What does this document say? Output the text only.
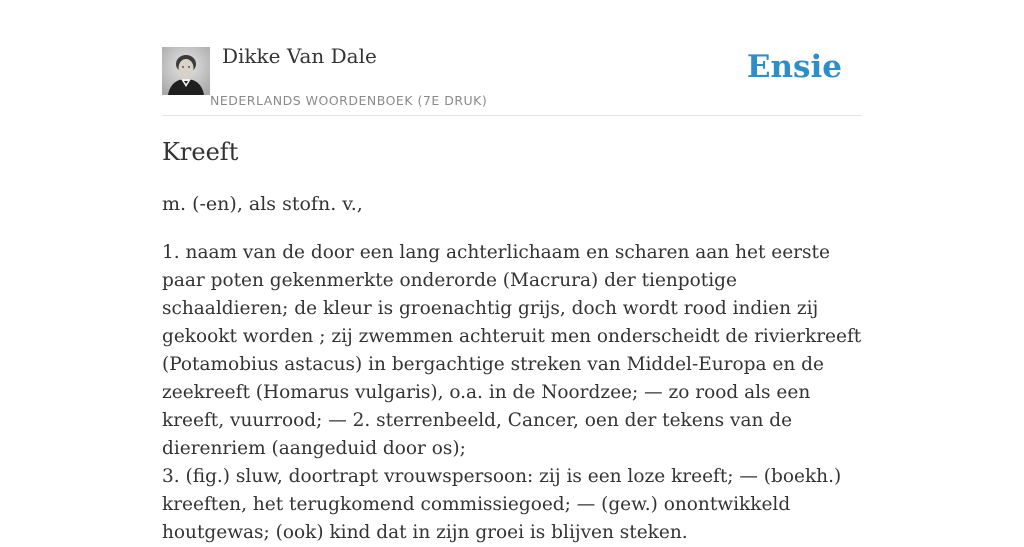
Dikke Van Dale
NEDERLANDS WOORDENBOEK (7E DRUK)
Ensie
Kreeft
m. (-en), als stofn. v.,

1. naam van de door een lang achterlichaam en scharen aan het eerste paar poten gekenmerkte onderorde (Macrura) der tienpotige schaaldieren; de kleur is groenachtig grijs, doch wordt rood indien zij gekookt worden ; zij zwemmen achteruit men onderscheidt de rivierkreeft (Potamobius astacus) in bergachtige streken van Middel-Europa en de zeekreeft (Homarus vulgaris), o.a. in de Noordzee; — zo rood als een kreeft, vuurrood; — 2. sterrenbeeld, Cancer, oen der tekens van de dierenriem (aangeduid door os);

3. (fig.) sluw, doortrapt vrouwspersoon: zij is een loze kreeft; — (boekh.) kreeften, het terugkomend commissiegoed; — (gew.) onontwikkeld houtgewas; (ook) kind dat in zijn groei is blijven steken.
